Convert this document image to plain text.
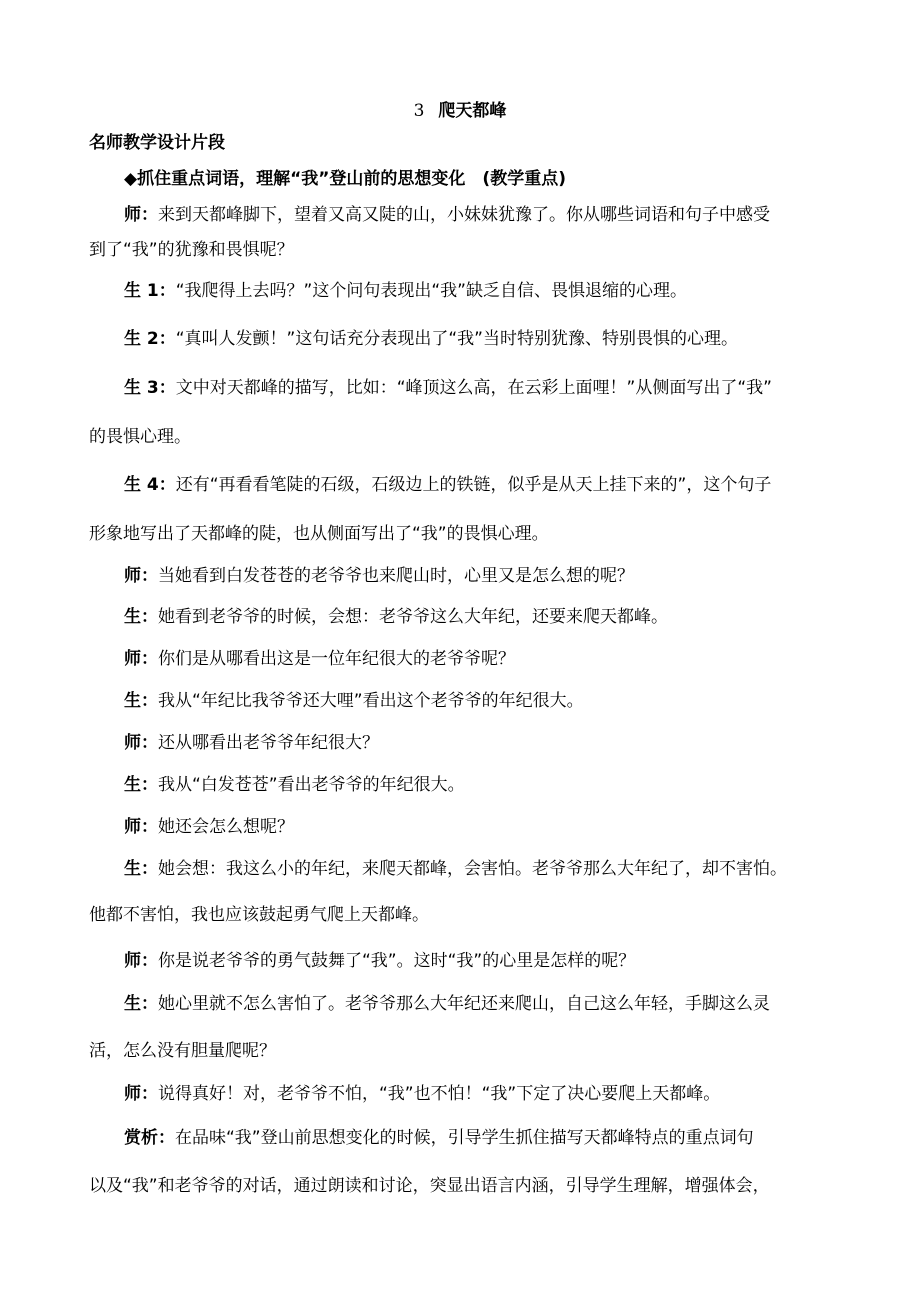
3 爬天都峰
名师教学设计片段
◆抓住重点词语，理解“我”登山前的思想变化　(教学重点)
师：来到天都峰脚下，望着又高又陡的山，小妹妹犹豫了。你从哪些词语和句子中感受
到了“我”的犹豫和畏惧呢？
生 1：“我爬得上去吗？”这个问句表现出“我”缺乏自信、畏惧退缩的心理。
生 2：“真叫人发颤！”这句话充分表现出了“我”当时特别犹豫、特别畏惧的心理。
生 3：文中对天都峰的描写，比如：“峰顶这么高，在云彩上面哩！”从侧面写出了“我”
的畏惧心理。
生 4：还有“再看看笔陡的石级，石级边上的铁链，似乎是从天上挂下来的”，这个句子
形象地写出了天都峰的陡，也从侧面写出了“我”的畏惧心理。
师：当她看到白发苍苍的老爷爷也来爬山时，心里又是怎么想的呢？
生：她看到老爷爷的时候，会想：老爷爷这么大年纪，还要来爬天都峰。
师：你们是从哪看出这是一位年纪很大的老爷爷呢？
生：我从“年纪比我爷爷还大哩”看出这个老爷爷的年纪很大。
师：还从哪看出老爷爷年纪很大？
生：我从“白发苍苍”看出老爷爷的年纪很大。
师：她还会怎么想呢？
生：她会想：我这么小的年纪，来爬天都峰，会害怕。老爷爷那么大年纪了，却不害怕。
他都不害怕，我也应该鼓起勇气爬上天都峰。
师：你是说老爷爷的勇气鼓舞了“我”。这时“我”的心里是怎样的呢？
生：她心里就不怎么害怕了。老爷爷那么大年纪还来爬山，自己这么年轻，手脚这么灵
活，怎么没有胆量爬呢？
师：说得真好！对，老爷爷不怕，“我”也不怕！“我”下定了决心要爬上天都峰。
赏析：在品味“我”登山前思想变化的时候，引导学生抓住描写天都峰特点的重点词句
以及“我”和老爷爷的对话，通过朗读和讨论，突显出语言内涵，引导学生理解，增强体会，
